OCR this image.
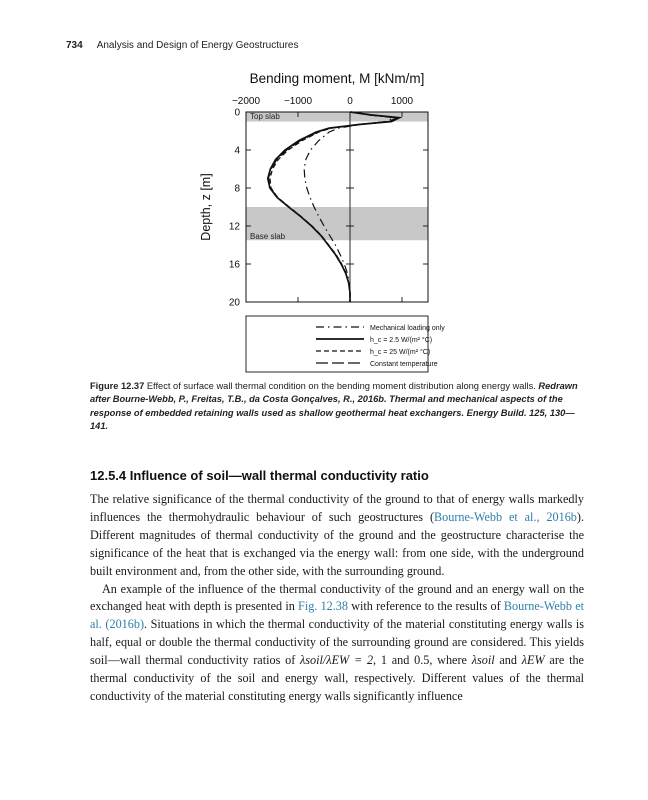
734 Analysis and Design of Energy Geostructures
Top slab
Base slab
−2000 −1000	0	1000
0
4
8
12
16
20
Bending moment, M [kNm/m]
Depth, z [m]
Mechanical loading only
h_c = 2.5 W/(m² °C)
h_c = 25 W/(m² °C)
Constant temperature
Figure 12.37 Effect of surface wall thermal condition on the bending moment distribution along energy walls. Redrawn after Bourne-Webb, P., Freitas, T.B., da Costa Gonçalves, R., 2016b. Thermal and mechanical aspects of the response of embedded retaining walls used as shallow geothermal heat exchangers. Energy Build. 125, 130—141.
12.5.4 Influence of soil—wall thermal conductivity ratio

The relative significance of the thermal conductivity of the ground to that of energy walls markedly influences the thermohydraulic behaviour of such geostructures (Bourne-Webb et al., 2016b). Different magnitudes of thermal conductivity of the ground and the geostructure characterise the significance of the heat that is exchanged via the energy wall: from one side, with the underground built environment and, from the other side, with the surrounding ground.

An example of the influence of the thermal conductivity of the ground and an energy wall on the exchanged heat with depth is presented in Fig. 12.38 with reference to the results of Bourne-Webb et al. (2016b). Situations in which the thermal conductivity of the material constituting energy walls is half, equal or double the thermal conductivity of the surrounding ground are considered. This yields soil—wall thermal conductivity ratios of λsoil/λEW = 2, 1 and 0.5, where λsoil and λEW are the thermal conductivity of the soil and energy wall, respectively. Different values of the thermal conductivity of the material constituting energy walls significantly influence
